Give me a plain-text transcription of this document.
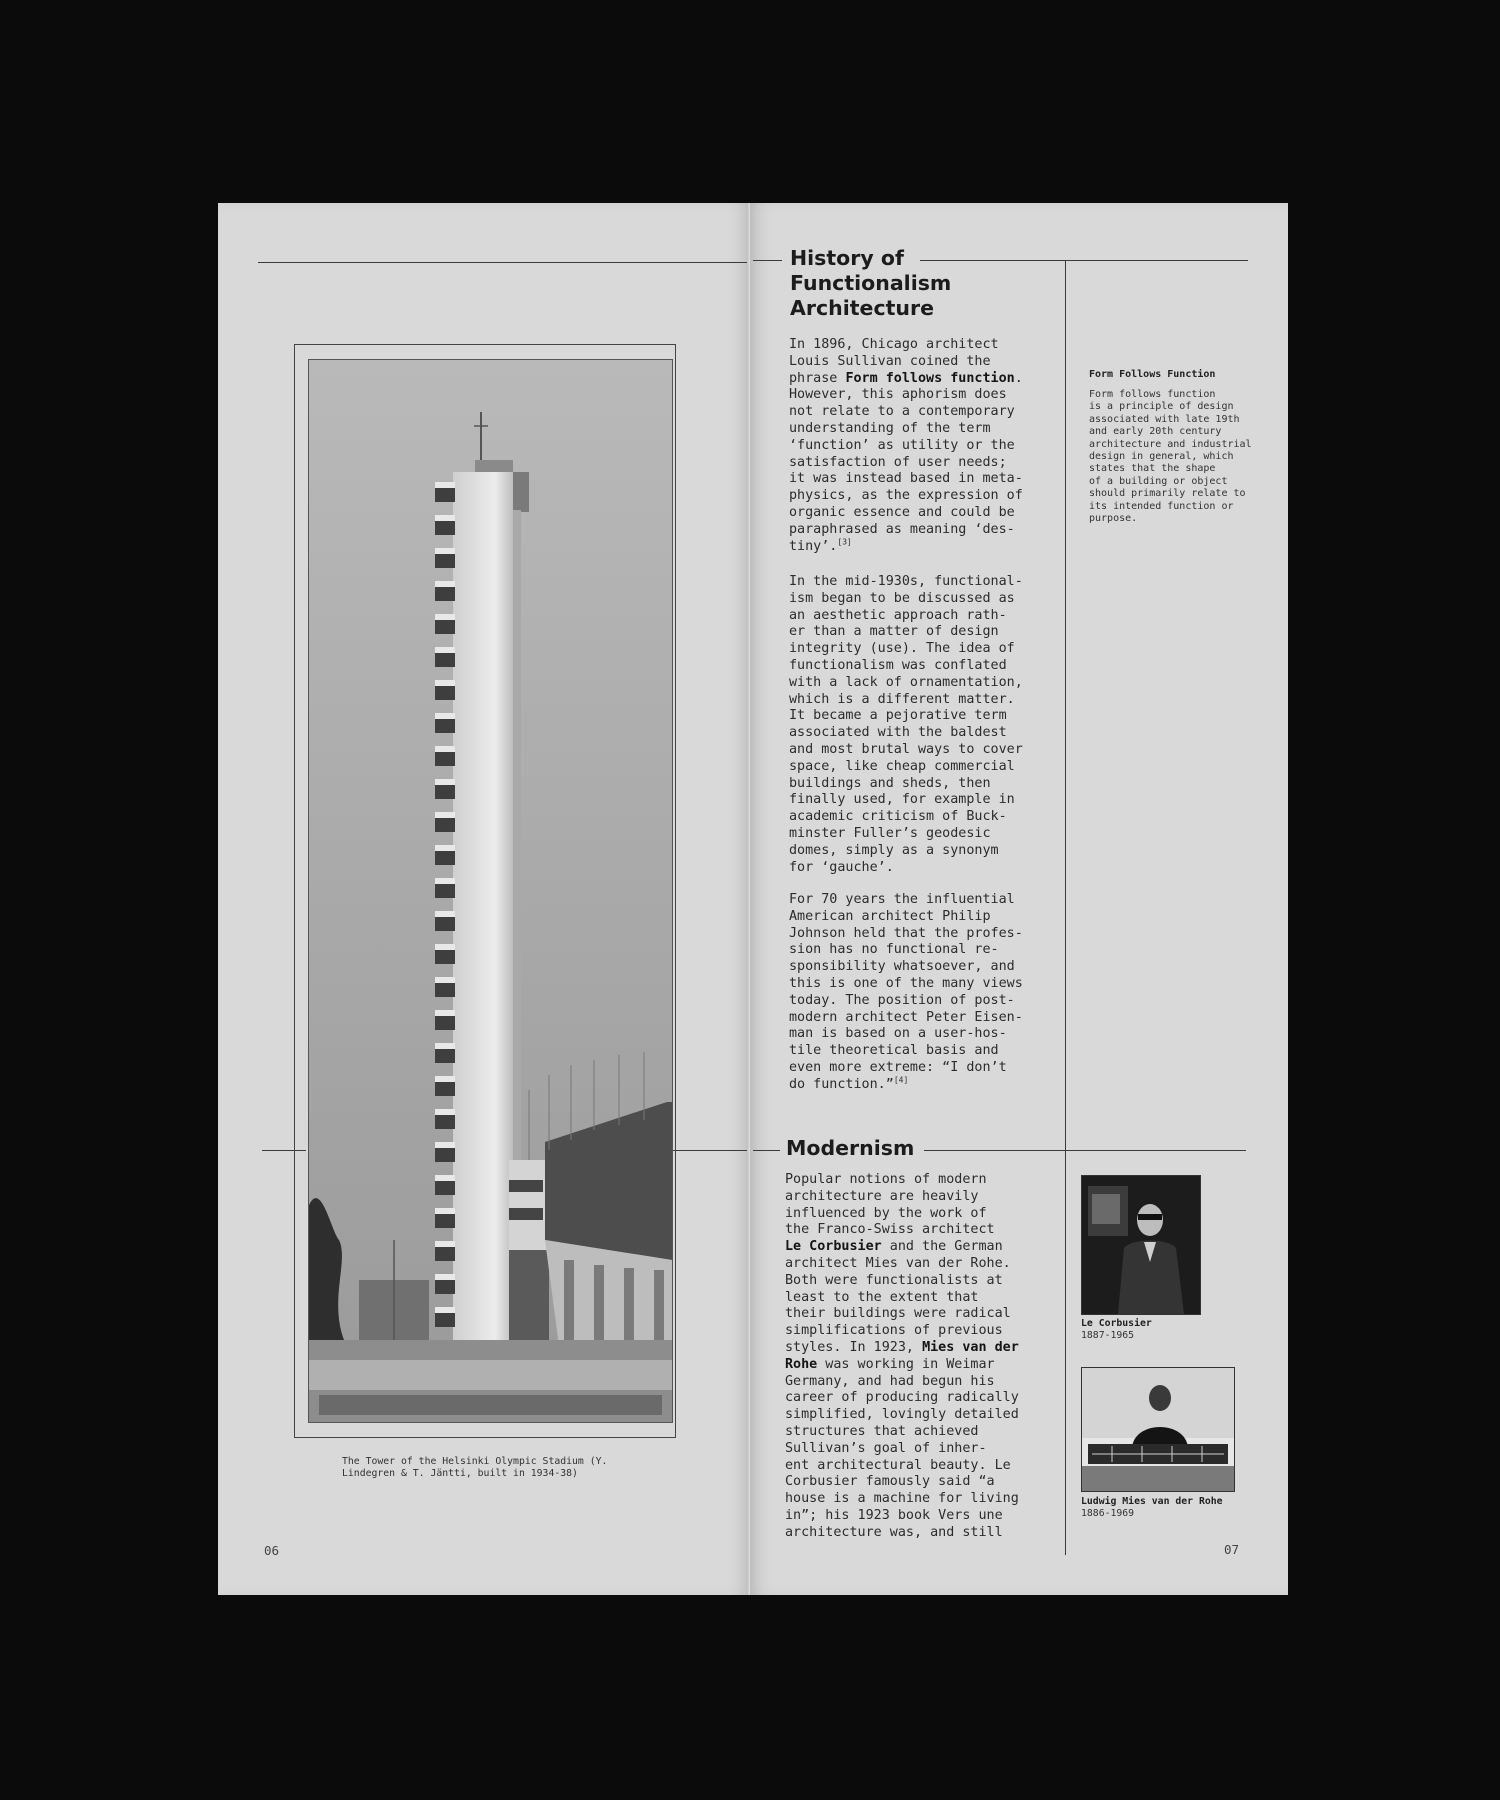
The Tower of the Helsinki Olympic Stadium (Y.
Lindegren & T. Jäntti, built in 1934-38)
06
History of
Functionalism
Architecture

In 1896, Chicago architect
Louis Sullivan coined the
phrase Form follows function.
However, this aphorism does
not relate to a contemporary
understanding of the term
‘function’ as utility or the
satisfaction of user needs;
it was instead based in meta-
physics, as the expression of
organic essence and could be
paraphrased as meaning ‘des-
tiny’.[3]

In the mid-1930s, functional-
ism began to be discussed as
an aesthetic approach rath-
er than a matter of design
integrity (use). The idea of
functionalism was conflated
with a lack of ornamentation,
which is a different matter.
It became a pejorative term
associated with the baldest
and most brutal ways to cover
space, like cheap commercial
buildings and sheds, then
finally used, for example in
academic criticism of Buck-
minster Fuller’s geodesic
domes, simply as a synonym
for ‘gauche’.

For 70 years the influential
American architect Philip
Johnson held that the profes-
sion has no functional re-
sponsibility whatsoever, and
this is one of the many views
today. The position of post-
modern architect Peter Eisen-
man is based on a user-hos-
tile theoretical basis and
even more extreme: “I don’t
do function.”[4]

Form Follows Function
Form follows function
is a principle of design
associated with late 19th
and early 20th century
architecture and industrial
design in general, which
states that the shape
of a building or object
should primarily relate to
its intended function or
purpose.
Modernism

Popular notions of modern
architecture are heavily
influenced by the work of
the Franco-Swiss architect
Le Corbusier and the German
architect Mies van der Rohe.
Both were functionalists at
least to the extent that
their buildings were radical
simplifications of previous
styles. In 1923, Mies van der
Rohe was working in Weimar
Germany, and had begun his
career of producing radically
simplified, lovingly detailed
structures that achieved
Sullivan’s goal of inher-
ent architectural beauty. Le
Corbusier famously said “a
house is a machine for living
in”; his 1923 book Vers une
architecture was, and still

Le Corbusier
1887-1965
Ludwig Mies van der Rohe
1886-1969
07
